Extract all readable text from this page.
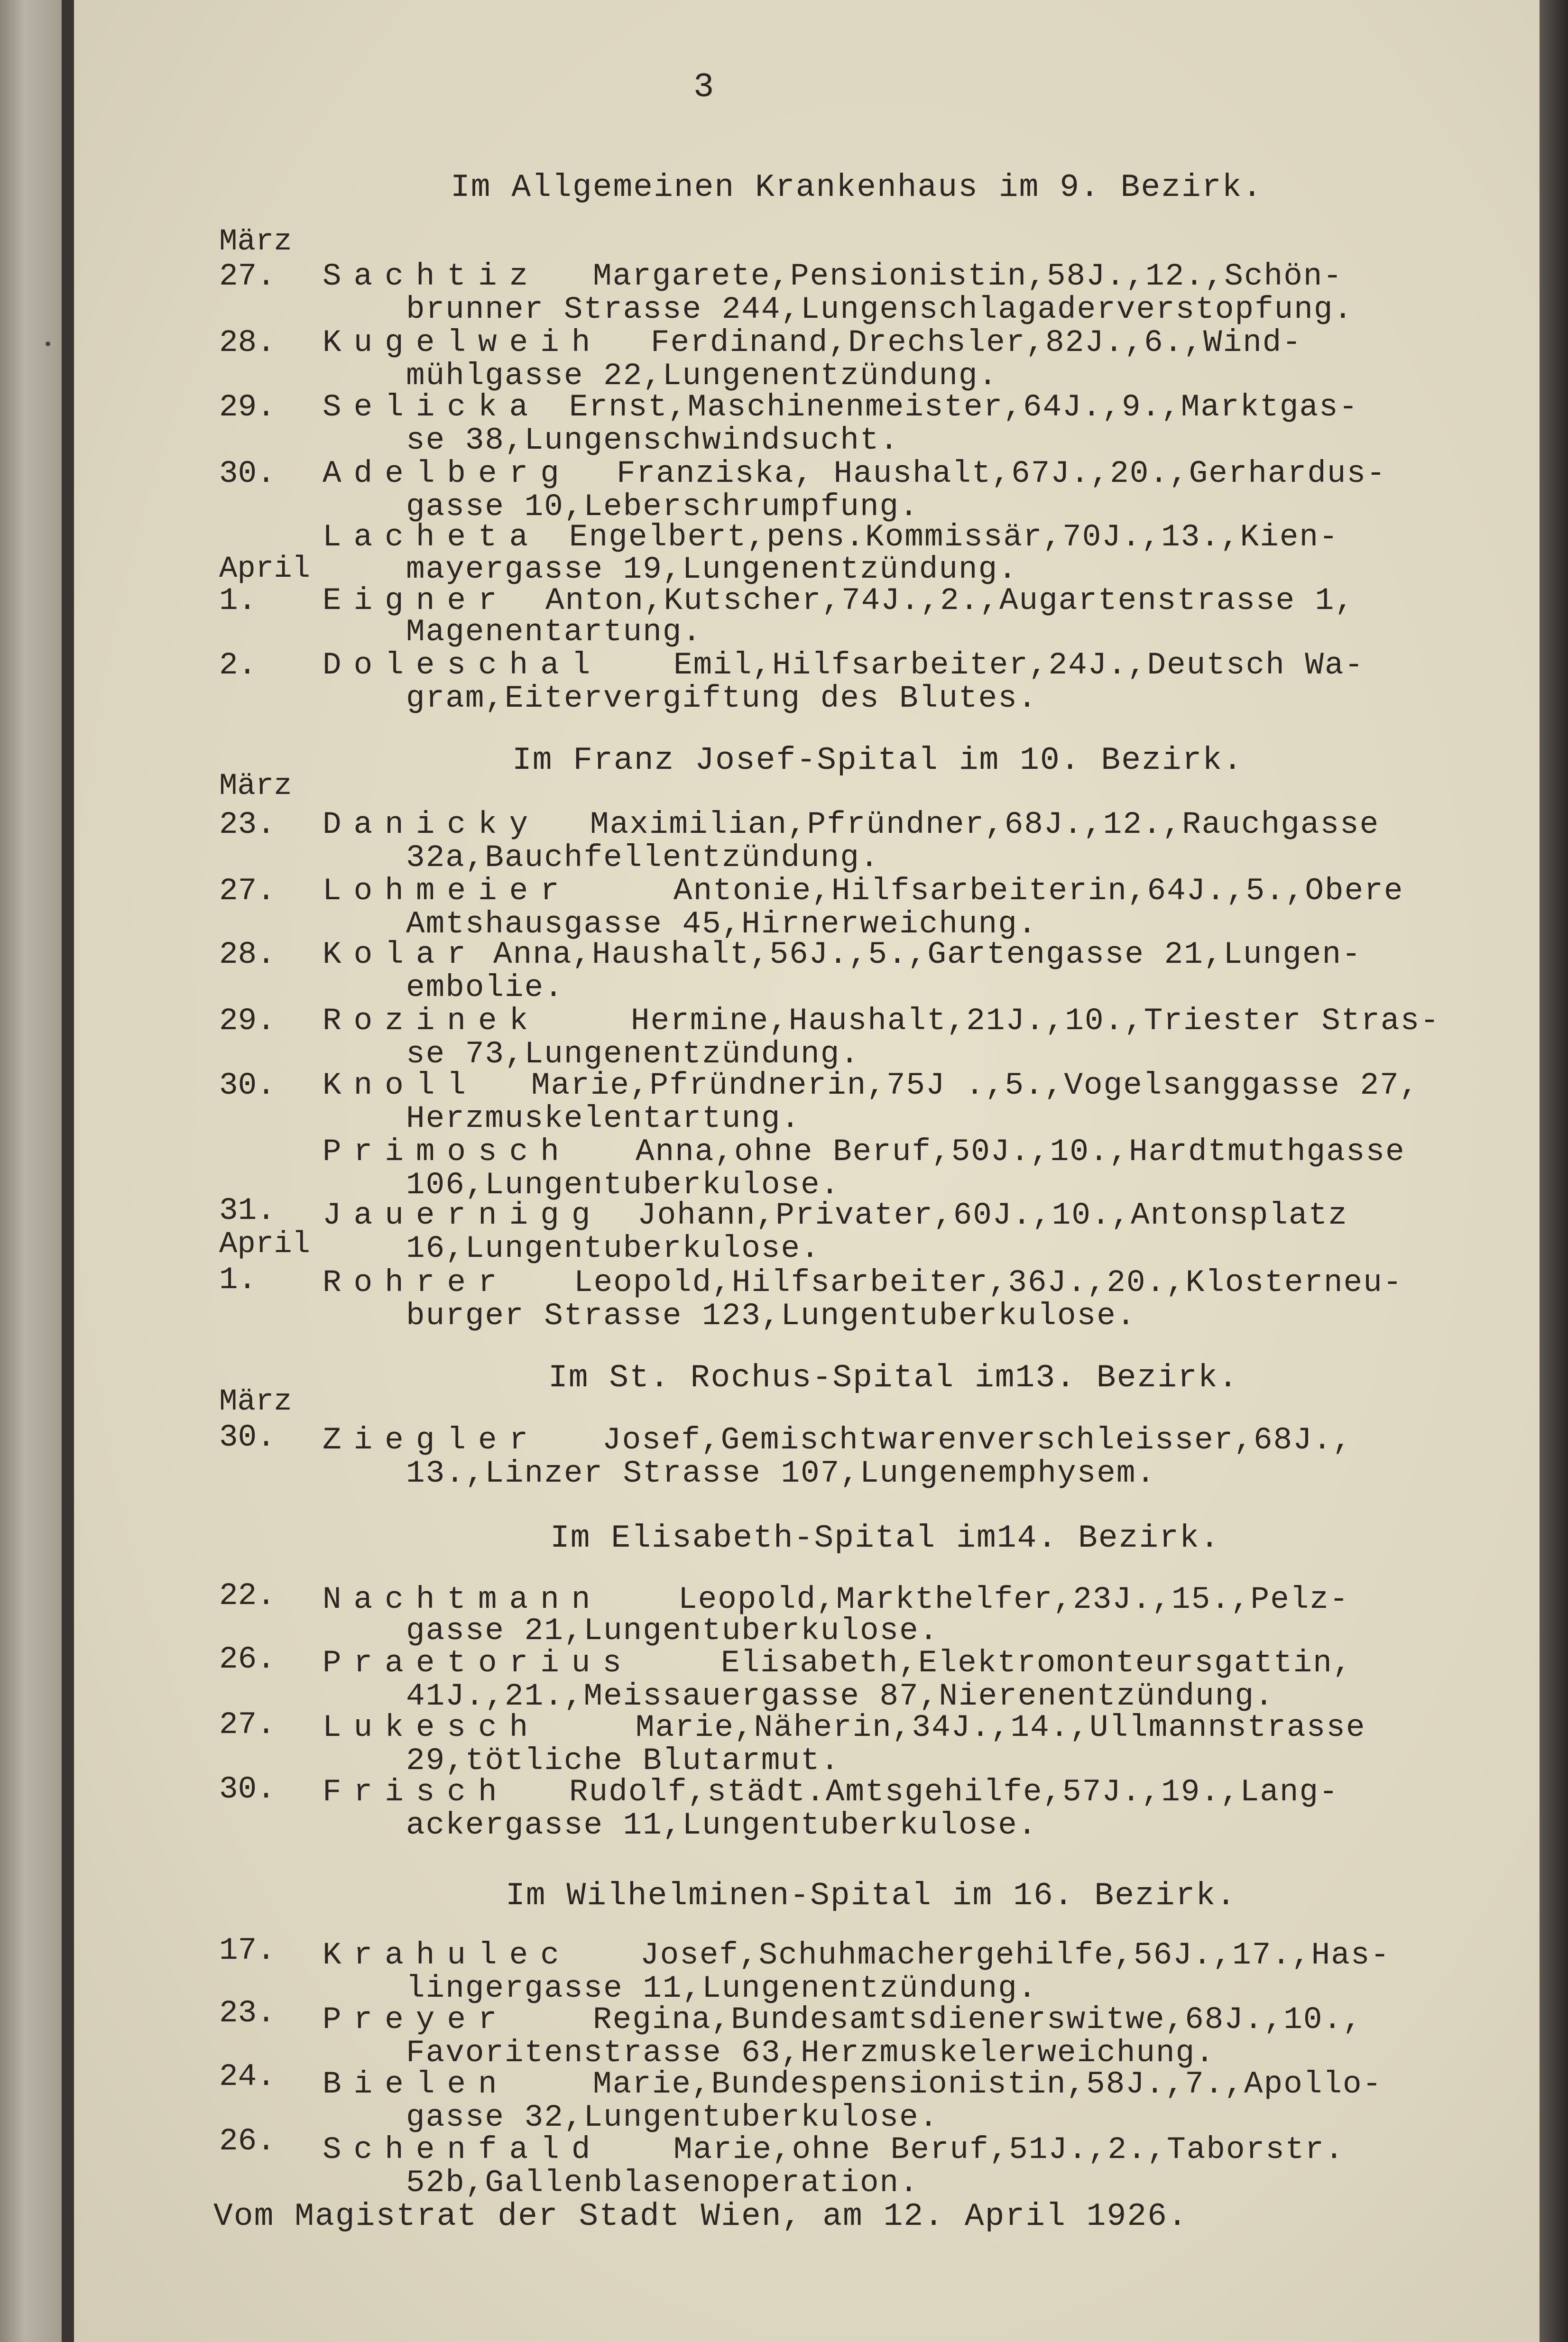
3
Im Allgemeinen Krankenhaus im 9. Bezirk.
März
27. Sachtiz Margarete,Pensionistin,58J.,12.,Schön-
brunner Strasse 244,Lungenschlagaderverstopfung.
28. Kugelweih Ferdinand,Drechsler,82J.,6.,Wind-
mühlgasse 22,Lungenentzündung.
29. Selicka Ernst,Maschinenmeister,64J.,9.,Marktgas-
se 38,Lungenschwindsucht.
30. Adelberg Franziska, Haushalt,67J.,20.,Gerhardus-
gasse 10,Leberschrumpfung.
Lacheta Engelbert,pens.Kommissär,70J.,13.,Kien-
April	mayergasse 19,Lungenentzündung.
1. Eigner Anton,Kutscher,74J.,2.,Augartenstrasse 1,
Magenentartung.
2. Doleschal Emil,Hilfsarbeiter,24J.,Deutsch Wa-
gram,Eitervergiftung des Blutes.
Im Franz Josef-Spital im 10. Bezirk.
März
23. Danicky Maximilian,Pfründner,68J.,12.,Rauchgasse
32a,Bauchfellentzündung.
27. Lohmeier	Antonie,Hilfsarbeiterin,64J.,5.,Obere
Amtshausgasse 45,Hirnerweichung.
28. Kolar Anna,Haushalt,56J.,5.,Gartengasse 21,Lungen-
embolie.
29. Rozinek	Hermine,Haushalt,21J.,10.,Triester Stras-
se 73,Lungenentzündung.
30. Knoll Marie,Pfründnerin,75J .,5.,Vogelsanggasse 27,
Herzmuskelentartung.
Primosch Anna,ohne Beruf,50J.,10.,Hardtmuthgasse
106,Lungentuberkulose.
31. Jauernigg Johann,Privater,60J.,10.,Antonsplatz
April	16,Lungentuberkulose.
1. Rohrer Leopold,Hilfsarbeiter,36J.,20.,Klosterneu-
burger Strasse 123,Lungentuberkulose.
Im St. Rochus-Spital im13. Bezirk.
März
30. Ziegler Josef,Gemischtwarenverschleisser,68J.,
13.,Linzer Strasse 107,Lungenemphysem.
Im Elisabeth-Spital im14. Bezirk.
22. Nachtmann Leopold,Markthelfer,23J.,15.,Pelz-
gasse 21,Lungentuberkulose.
26. Praetorius	Elisabeth,Elektromonteursgattin,
41J.,21.,Meissauergasse 87,Nierenentzündung.
27. Lukesch	Marie,Näherin,34J.,14.,Ullmannstrasse
29,tötliche Blutarmut.
30. Frisch Rudolf,städt.Amtsgehilfe,57J.,19.,Lang-
ackergasse 11,Lungentuberkulose.
Im Wilhelminen-Spital im 16. Bezirk.
17. Krahulec Josef,Schuhmachergehilfe,56J.,17.,Has-
lingergasse 11,Lungenentzündung.
23. Preyer	Regina,Bundesamtsdienerswitwe,68J.,10.,
Favoritenstrasse 63,Herzmuskelerweichung.
24. Bielen	Marie,Bundespensionistin,58J.,7.,Apollo-
gasse 32,Lungentuberkulose.
26. Schenfald Marie,ohne Beruf,51J.,2.,Taborstr.
52b,Gallenblasenoperation.
Vom Magistrat der Stadt Wien, am 12. April 1926.
